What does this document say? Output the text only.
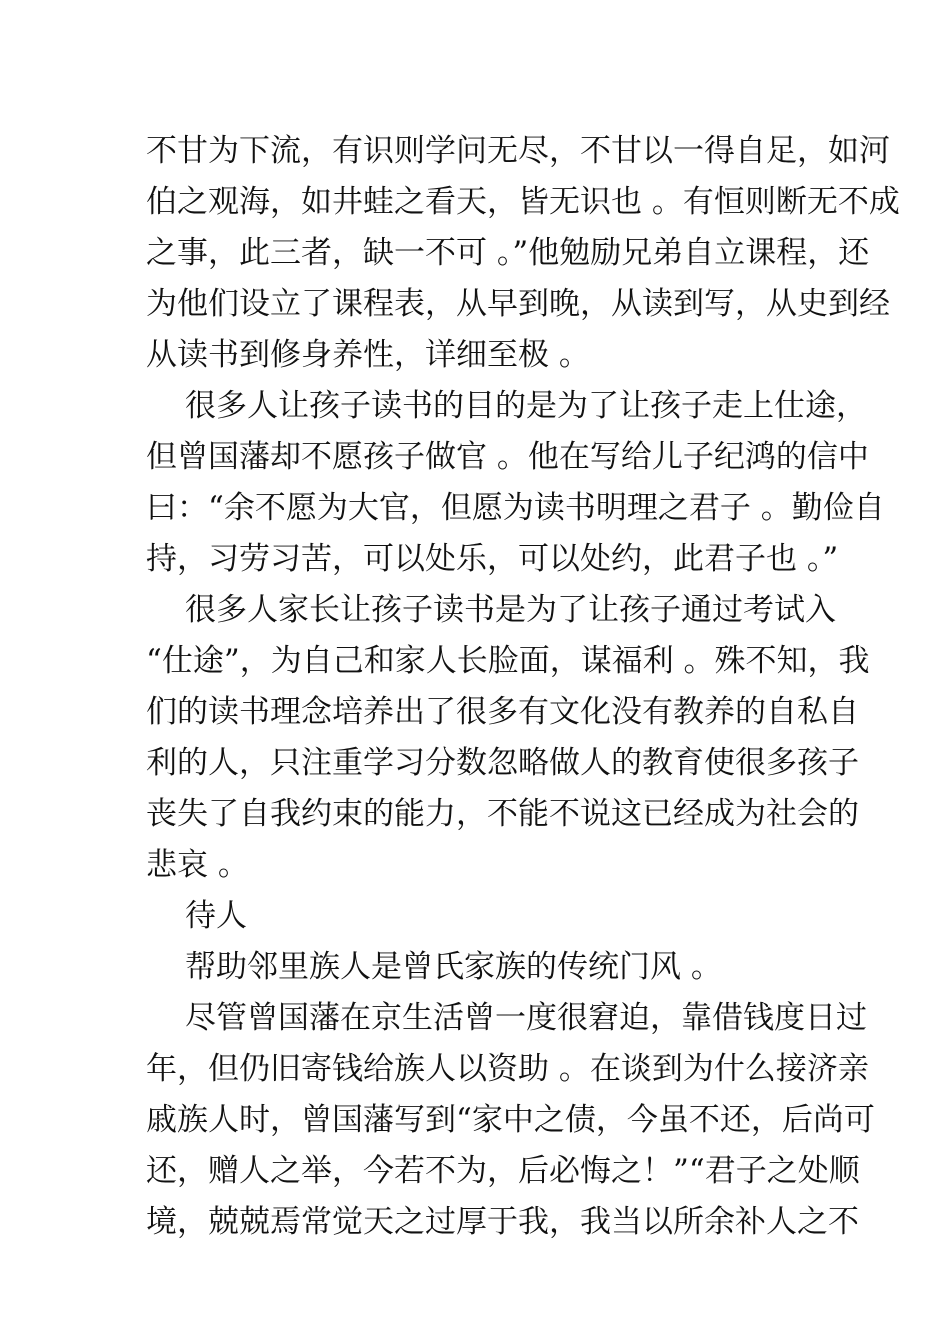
不甘为下流，有识则学问无尽，不甘以一得自足，如河
伯之观海，如井蛙之看天，皆无识也 。有恒则断无不成
之事，此三者，缺一不可 。”他勉励兄弟自立课程，还
为他们设立了课程表，从早到晚，从读到写，从史到经
从读书到修身养性，详细至极 。
很多人让孩子读书的目的是为了让孩子走上仕途，
但曾国藩却不愿孩子做官 。他在写给儿子纪鸿的信中
曰：“余不愿为大官，但愿为读书明理之君子 。勤俭自
持，习劳习苦，可以处乐，可以处约，此君子也 。”
很多人家长让孩子读书是为了让孩子通过考试入
“仕途”，为自己和家人长脸面，谋福利 。殊不知，我
们的读书理念培养出了很多有文化没有教养的自私自
利的人，只注重学习分数忽略做人的教育使很多孩子
丧失了自我约束的能力，不能不说这已经成为社会的
悲哀 。
待人
帮助邻里族人是曾氏家族的传统门风 。
尽管曾国藩在京生活曾一度很窘迫，靠借钱度日过
年，但仍旧寄钱给族人以资助 。在谈到为什么接济亲
戚族人时，曾国藩写到“家中之债，今虽不还，后尚可
还，赠人之举，今若不为，后必悔之！”“君子之处顺
境，兢兢焉常觉天之过厚于我，我当以所余补人之不
